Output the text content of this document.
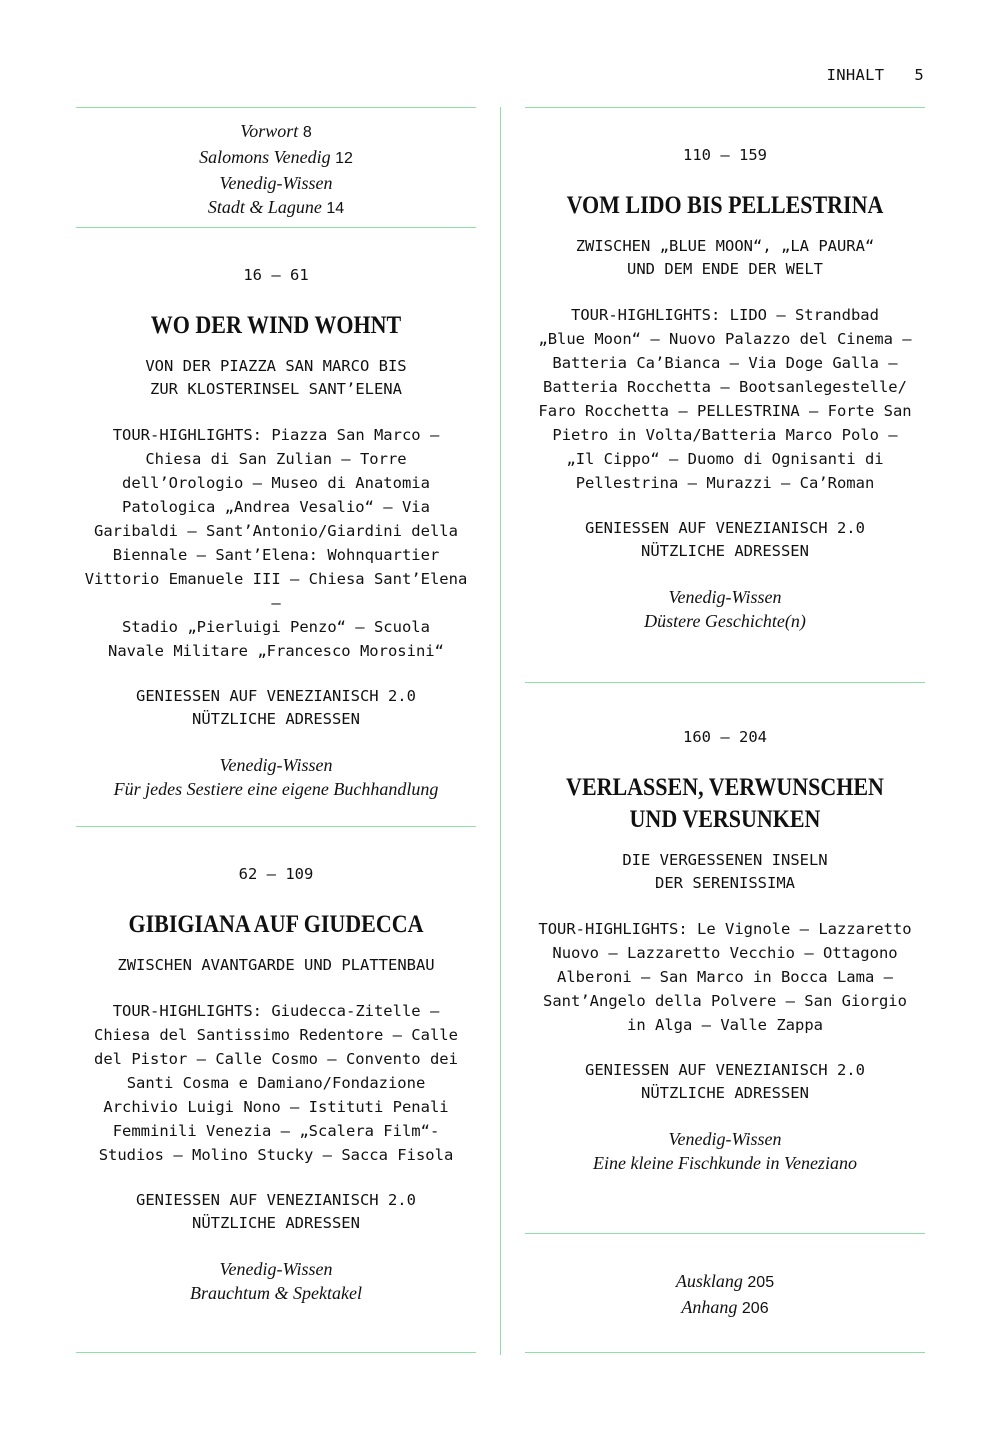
INHALT 5
Vorwort 8
Salomons Venedig 12
Venedig-Wissen
Stadt & Lagune 14
16 – 61
WO DER WIND WOHNT
VON DER PIAZZA SAN MARCO BIS
ZUR KLOSTERINSEL SANT’ELENA
TOUR-HIGHLIGHTS: Piazza San Marco –
Chiesa di San Zulian – Torre
dell’Orologio – Museo di Anatomia
Patologica „Andrea Vesalio“ – Via
Garibaldi – Sant’Antonio/Giardini della
Biennale – Sant’Elena: Wohnquartier
Vittorio Emanuele III – Chiesa Sant’Elena –
Stadio „Pierluigi Penzo“ – Scuola
Navale Militare „Francesco Morosini“
GENIESSEN AUF VENEZIANISCH 2.0
NÜTZLICHE ADRESSEN
Venedig-Wissen
Für jedes Sestiere eine eigene Buchhandlung
62 – 109
GIBIGIANA AUF GIUDECCA
ZWISCHEN AVANTGARDE UND PLATTENBAU
TOUR-HIGHLIGHTS: Giudecca-Zitelle –
Chiesa del Santissimo Redentore – Calle
del Pistor – Calle Cosmo – Convento dei
Santi Cosma e Damiano/Fondazione
Archivio Luigi Nono – Istituti Penali
Femminili Venezia – „Scalera Film“-
Studios – Molino Stucky – Sacca Fisola
GENIESSEN AUF VENEZIANISCH 2.0
NÜTZLICHE ADRESSEN
Venedig-Wissen
Brauchtum & Spektakel
110 – 159
VOM LIDO BIS PELLESTRINA
ZWISCHEN „BLUE MOON“, „LA PAURA“
UND DEM ENDE DER WELT
TOUR-HIGHLIGHTS: LIDO – Strandbad
„Blue Moon“ – Nuovo Palazzo del Cinema –
Batteria Ca’Bianca – Via Doge Galla –
Batteria Rocchetta – Bootsanlegestelle/
Faro Rocchetta – PELLESTRINA – Forte San
Pietro in Volta/Batteria Marco Polo –
„Il Cippo“ – Duomo di Ognisanti di
Pellestrina – Murazzi – Ca’Roman
GENIESSEN AUF VENEZIANISCH 2.0
NÜTZLICHE ADRESSEN
Venedig-Wissen
Düstere Geschichte(n)
160 – 204
VERLASSEN, VERWUNSCHEN
UND VERSUNKEN
DIE VERGESSENEN INSELN
DER SERENISSIMA
TOUR-HIGHLIGHTS: Le Vignole – Lazzaretto
Nuovo – Lazzaretto Vecchio – Ottagono
Alberoni – San Marco in Bocca Lama –
Sant’Angelo della Polvere – San Giorgio
in Alga – Valle Zappa
GENIESSEN AUF VENEZIANISCH 2.0
NÜTZLICHE ADRESSEN
Venedig-Wissen
Eine kleine Fischkunde in Veneziano
Ausklang 205
Anhang 206
